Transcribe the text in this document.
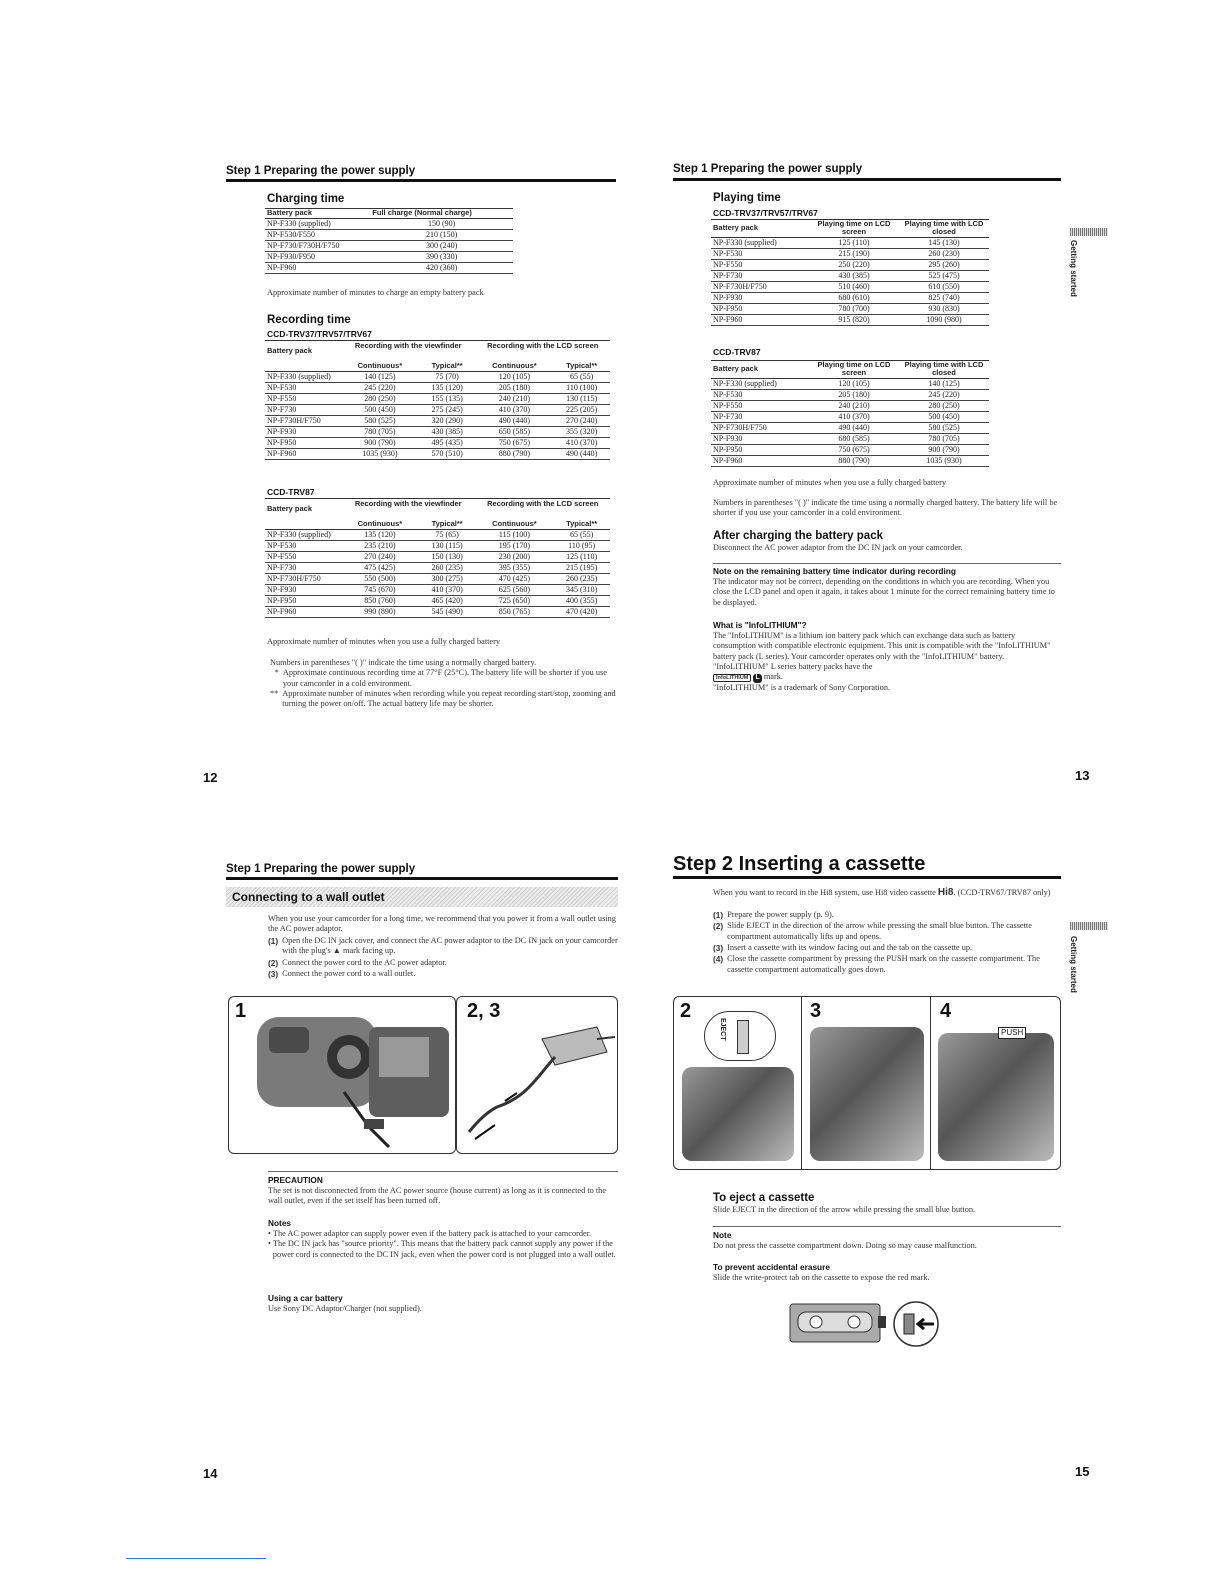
Step 1 Preparing the power supply
Charging time
Battery pack	Full charge (Normal charge)
NP-F330 (supplied)	150 (90)
NP-F530/F550	210 (150)
NP-F730/F730H/F750	300 (240)
NP-F930/F950	390 (330)
NP-F960	420 (360)
Approximate number of minutes to charge an empty battery pack
Recording time
CCD-TRV37/TRV57/TRV67
Battery pack	Recording with the viewfinder		Recording with the LCD screen	

	Continuous*	Typical**	Continuous*	Typical**
NP-F330 (supplied)	140 (125)	75 (70)	120 (105)	65 (55)
NP-F530	245 (220)	135 (120)	205 (180)	110 (100)
NP-F550	280 (250)	155 (135)	240 (210)	130 (115)
NP-F730	500 (450)	275 (245)	410 (370)	225 (205)
NP-F730H/F750	580 (525)	320 (290)	490 (440)	270 (240)
NP-F930	780 (705)	430 (385)	650 (585)	355 (320)
NP-F950	900 (790)	495 (435)	750 (675)	410 (370)
NP-F960	1035 (930)	570 (510)	880 (790)	490 (440)
CCD-TRV87
Battery pack	Recording with the viewfinder		Recording with the LCD screen	

	Continuous*	Typical**	Continuous*	Typical**
NP-F330 (supplied)	135 (120)	75 (65)	115 (100)	65 (55)
NP-F530	235 (210)	130 (115)	195 (170)	110 (95)
NP-F550	270 (240)	150 (130)	230 (200)	125 (110)
NP-F730	475 (425)	260 (235)	395 (355)	215 (195)
NP-F730H/F750	550 (500)	300 (275)	470 (425)	260 (235)
NP-F930	745 (670)	410 (370)	625 (560)	345 (310)
NP-F950	850 (760)	465 (420)	725 (650)	400 (355)
NP-F960	990 (890)	545 (490)	850 (765)	470 (420)
Approximate number of minutes when you use a fully charged battery
Numbers in parentheses "( )" indicate the time using a normally charged battery.
* Approximate continuous recording time at 77°F (25°C). The battery life will be shorter if you use your camcorder in a cold environment.
** Approximate number of minutes when recording while you repeat recording start/stop, zooming and turning the power on/off. The actual battery life may be shorter.
12
Step 1 Preparing the power supply
Playing time
CCD-TRV37/TRV57/TRV67
Battery pack	Playing time on LCD screen	Playing time with LCD closed
NP-F330 (supplied)	125 (110)	145 (130)
NP-F530	215 (190)	260 (230)
NP-F550	250 (220)	295 (260)
NP-F730	430 (385)	525 (475)
NP-F730H/F750	510 (460)	610 (550)
NP-F930	680 (610)	825 (740)
NP-F950	780 (700)	930 (830)
NP-F960	915 (820)	1090 (980)
CCD-TRV87
Battery pack	Playing time on LCD screen	Playing time with LCD closed
NP-F330 (supplied)	120 (105)	140 (125)
NP-F530	205 (180)	245 (220)
NP-F550	240 (210)	280 (250)
NP-F730	410 (370)	500 (450)
NP-F730H/F750	490 (440)	580 (525)
NP-F930	680 (585)	780 (705)
NP-F950	750 (675)	900 (790)
NP-F960	880 (790)	1035 (930)
Approximate number of minutes when you use a fully charged battery
Numbers in parentheses "( )" indicate the time using a normally charged battery. The battery life will be shorter if you use your camcorder in a cold environment.
After charging the battery pack
Disconnect the AC power adaptor from the DC IN jack on your camcorder.
Note on the remaining battery time indicator during recording
The indicator may not be correct, depending on the conditions in which you are recording. When you close the LCD panel and open it again, it takes about 1 minute for the correct remaining battery time to be displayed.
What is "InfoLITHIUM"?
The "InfoLITHIUM" is a lithium ion battery pack which can exchange data such as battery consumption with compatible electronic equipment. This unit is compatible with the "InfoLITHIUM" battery pack (L series). Your camcorder operates only with the "InfoLITHIUM" battery. "InfoLITHIUM" L series battery packs have the
InfoLITHIUM L mark.
"InfoLITHIUM" is a trademark of Sony Corporation.
Getting started
13
Step 1 Preparing the power supply
Connecting to a wall outlet
When you use your camcorder for a long time, we recommend that you power it from a wall outlet using the AC power adaptor.
(1) Open the DC IN jack cover, and connect the AC power adaptor to the DC IN jack on your camcorder with the plug's ▲ mark facing up.
(2) Connect the power cord to the AC power adaptor.
(3) Connect the power cord to a wall outlet.
1	2, 3
PRECAUTION
The set is not disconnected from the AC power source (house current) as long as it is connected to the wall outlet, even if the set itself has been turned off.
Notes
• The AC power adaptor can supply power even if the battery pack is attached to your camcorder.
• The DC IN jack has "source priority". This means that the battery pack cannot supply any power if the power cord is connected to the DC IN jack, even when the power cord is not plugged into a wall outlet.
Using a car battery
Use Sony DC Adaptor/Charger (not supplied).
14
Step 2 Inserting a cassette
When you want to record in the Hi8 system, use Hi8 video cassette Hi8. (CCD-TRV67/TRV87 only)
(1) Prepare the power supply (p. 9).
(2) Slide EJECT in the direction of the arrow while pressing the small blue button. The cassette compartment automatically lifts up and opens.
(3) Insert a cassette with its window facing out and the tab on the cassette up.
(4) Close the cassette compartment by pressing the PUSH mark on the cassette compartment. The cassette compartment automatically goes down.
2	3	4
EJECT	PUSH
To eject a cassette
Slide EJECT in the direction of the arrow while pressing the small blue button.
Note
Do not press the cassette compartment down. Doing so may cause malfunction.
To prevent accidental erasure
Slide the write-protect tab on the cassette to expose the red mark.
Getting started
15
